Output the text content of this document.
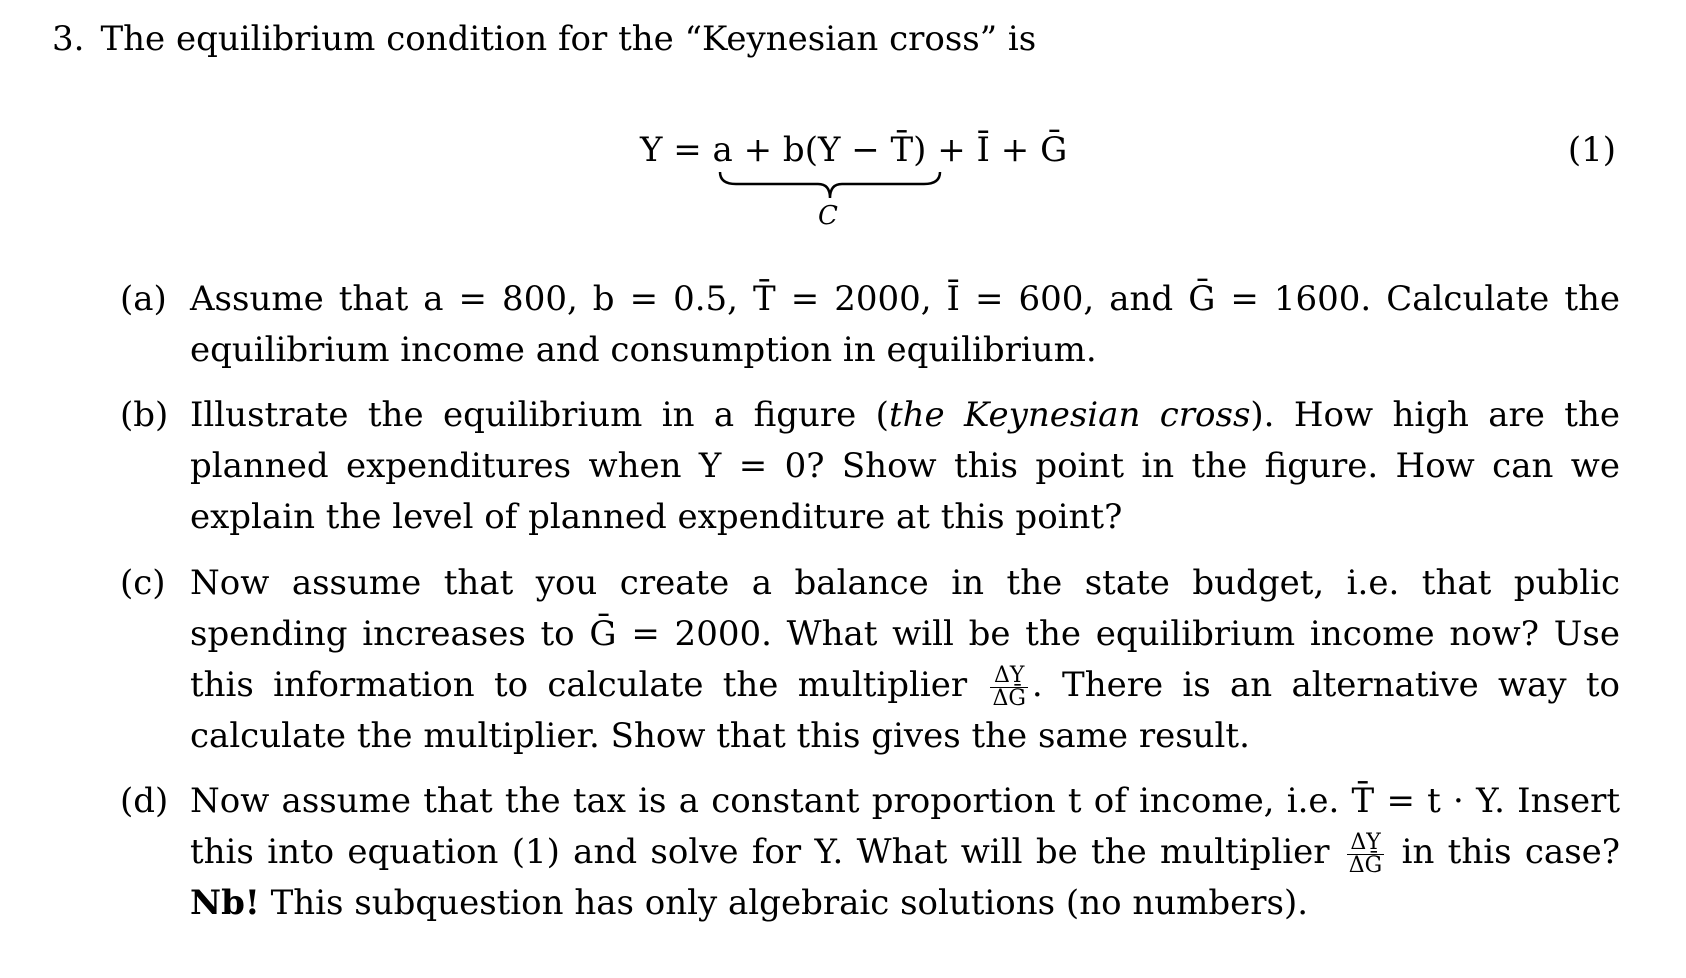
3. The equilibrium condition for the “Keynesian cross” is
Y = a + b(Y − T̄) + Ī + Ḡ
C
(1)
(a) Assume that a = 800, b = 0.5, T̄ = 2000, Ī = 600, and Ḡ = 1600. Calculate the equilibrium income and consumption in equilibrium.
(b) Illustrate the equilibrium in a figure (the Keynesian cross). How high are the planned expenditures when Y = 0? Show this point in the figure. How can we explain the level of planned expenditure at this point?
(c) Now assume that you create a balance in the state budget, i.e. that public spending increases to Ḡ = 2000. What will be the equilibrium income now? Use this information to calculate the multiplier $\frac{\Delta Y}{\text{ΔḠ}}$ . There is an alternative way to calculate the multiplier. Show that this gives the same result.
(d) Now assume that the tax is a constant proportion t of income, i.e. T̄ = t · Y. Insert this into equation (1) and solve for Y. What will be the multiplier $\frac{\Delta Y}{\text{ΔḠ}}$ in this case? Nb! This subquestion has only algebraic solutions (no numbers).
